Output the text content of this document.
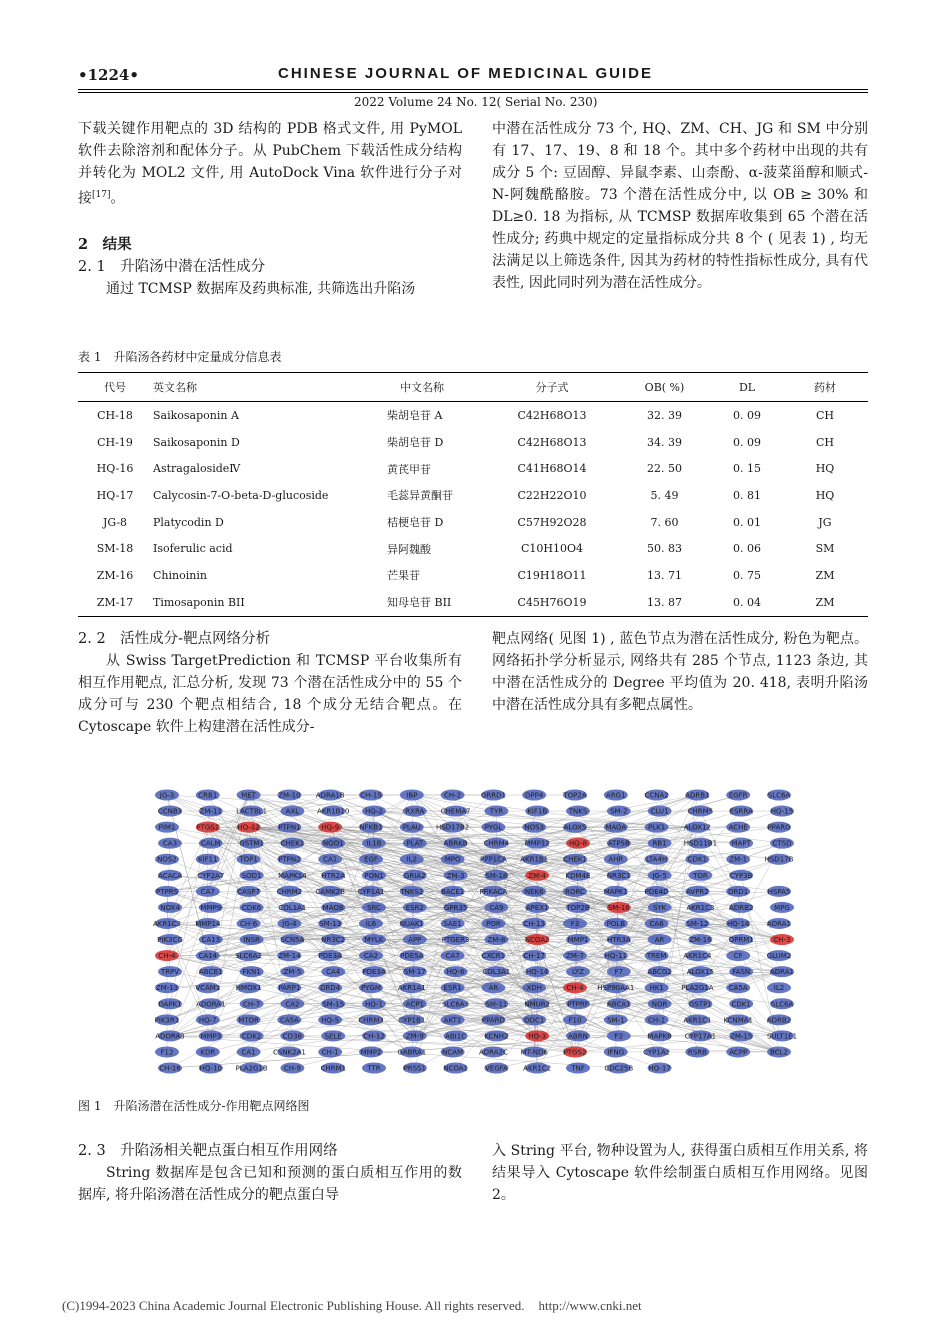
•1224•	CHINESE JOURNAL OF MEDICINAL GUIDE
2022 Volume 24 No. 12( Serial No. 230)

下载关键作用靶点的 3D 结构的 PDB 格式文件, 用 PyMOL 软件去除溶剂和配体分子。从 PubChem 下载活性成分结构并转化为 MOL2 文件, 用 AutoDock Vina 软件进行分子对接[17]。

2　结果

2. 1　升陷汤中潜在活性成分

通过 TCMSP 数据库及药典标准, 共筛选出升陷汤

中潜在活性成分 73 个, HQ、ZM、CH、JG 和 SM 中分别有 17、17、19、8 和 18 个。其中多个药材中出现的共有成分 5 个: 豆固醇、异鼠李素、山柰酚、α-菠菜甾醇和顺式-N-阿魏酰酪胺。73 个潜在活性成分中, 以 OB ≥ 30% 和 DL≥0. 18 为指标, 从 TCMSP 数据库收集到 65 个潜在活性成分; 药典中规定的定量指标成分共 8 个 ( 见表 1) , 均无法满足以上筛选条件, 因其为药材的特性指标性成分, 具有代表性, 因此同时列为潜在活性成分。

表 1　升陷汤各药材中定量成分信息表
代号	英文名称	中文名称	分子式	OB( %)	DL	药材
CH-18	Saikosaponin A	柴胡皂苷 A	C42H68O13	32. 39	0. 09	CH
CH-19	Saikosaponin D	柴胡皂苷 D	C42H68O13	34. 39	0. 09	CH
HQ-16	AstragalosideⅣ	黄芪甲苷	C41H68O14	22. 50	0. 15	HQ
HQ-17	Calycosin-7-O-beta-D-glucoside	毛蕊异黄酮苷	C22H22O10	5. 49	0. 81	HQ
JG-8	Platycodin D	桔梗皂苷 D	C57H92O28	7. 60	0. 01	JG
SM-18	Isoferulic acid	异阿魏酸	C10H10O4	50. 83	0. 06	SM
ZM-16	Chinoinin	芒果苷	C19H18O11	13. 71	0. 75	ZM
ZM-17	Timosaponin BII	知母皂苷 BII	C45H76O19	13. 87	0. 04	ZM

2. 2　活性成分-靶点网络分析

从 Swiss TargetPrediction 和 TCMSP 平台收集所有相互作用靶点, 汇总分析, 发现 73 个潜在活性成分中的 55 个成分可与 230 个靶点相结合, 18 个成分无结合靶点。在 Cytoscape 软件上构建潜在活性成分-

靶点网络( 见图 1) , 蓝色节点为潜在活性成分, 粉色为靶点。网络拓扑学分析显示, 网络共有 285 个节点, 1123 条边, 其中潜在活性成分的 Degree 平均值为 20. 418, 表明升陷汤中潜在活性成分具有多靶点属性。

JG-3	CRB1	MET	ZM-10 ADRA1B CH-15	IBP	CH-2	ORRD1	DPP4	TOP2A	ARG1	CCNA2 ADRB1	EGFR	SLC6A
CCNB3	ZM-11 LACTBL1	AXL	AKR1B10 HQ-2	RXRA CHEMA7	TYR	KIF1B	TNKS	SM-2	CLU1	CHRM5 ESRRA	HQ-15
PIM1	PTGS1	HQ-12	PTPN1	HQ-9	NFKB1	PLAU HSD17B2 PYGL	NOS3	ALOX5	MAOA	PLK1	ALOX12	ACHE	PPARG
CA3	CALM	GSTM1 CHEK1	NQO1	IL1B	PLAT	ABRKB CHRM4 MMP12	HQ-8	ATP5B	RB1 HSD11B1 MAPT	CTSD
NOS2	KIF11	TOP1	PTPN2	CA1	EGF	IL2	MPO	PPP1CA AKR1B1 CHEK1	AHR	LTA4H	CDK1	ZM-1 HSD17B
ACACA CYP2A7 SOD1 MAPK14 HTR2A	PON1	GRIA2	ZM-3	SM-18	ZM-4	KDM4E NR3C1	JG-5	TOR	CYP3B
PTPRS	CA7	CASP7 CHRM2 CAMK2B CYP1A1 TNKS2	BACE1 PRKACA NEK6	RORC	MAPK1 PDE4D	AVPR2	DRD1	HSPA5
NOX4	MMP9	CDK6 COL1A1 MAOB	SRC	ESR2	GPR35	CA9	APEX1	TOP2B	SM-16	SYK	AKR1C3 ADRB2	MPG
AKR1C3 MMP14	CH-6	JG-4	SM-13	IL6	NUAK1	SAE1	POR	CH-13	F3	POLB	CA6	SM-12	HQ-14	ADRA1
PIK3CG	CA13	INSR	SCN5A NR3C2	MYLK	APP	PTGER3	ZM-8	NCOA2	MMP1	HTR3A	AR	ZM-16 OPRM1	CH-3
CH-4	CA14	SLC6A2 ZM-14	PDE3A	CA2	PDE5A	CA7	CXCR1	CH-17	ZM-7	HQ-11	TREM AKR1C4	CF	GLUM2
TRPV	ABCB1	FKN1	ZM-5	CA4	PDE3A	SM-17	HQ-6	COL3A1 HQ-14	LYZ	F7	ABCG2 ALOX15	FASN	ADRA1
ZM-13 VCAM1 HMOX1 PARP1	DRD4	PYGM AKR1A1	ESR1	AR	XDH	CH-4 HSP90AA1 HK1	PLA2G1A CA5A	IL2
DAPK1 ADORA1 CH-7	CA2	SM-15	HQ-1	ACP1	SLC6A3 SM-11 NMUR2 PTPRF	ABCA1	NOR	GSTP1	CDK1	SLC6A
PIK3R1	HQ-7	MTOR	CA5A	HQ-5	CHRM3 CYP1B1	AKT1	PPARD	ODC1	F10	SM-1	CH-1	AKR1C1 KCNMA1 ADRB2
ADORA3 MMP3	CDK2	CD38	SELE	CH-12	ZM-9	ABI1C	KCNH2	HQ-3	ABRN	F2	MAPK8 CYP17A1 ZM-15 SULT1E1
F12	KDR	CA1 CSNK2A1 CH-1	MMP2 GABRA1 NCAM ADRA2C MT-ND6 PTGS2	IFNG	CYP1A2	RSRB	ACPP	BCL2
CH-16	HQ-10 PLA2G1B CH-9	CHRM1	TTR	PRSS1 NCOA1 VEGFA AKR1C2	TNF	CDC25B HQ-17
图 1　升陷汤潜在活性成分-作用靶点网络图

2. 3　升陷汤相关靶点蛋白相互作用网络

String 数据库是包含已知和预测的蛋白质相互作用的数据库, 将升陷汤潜在活性成分的靶点蛋白导

入 String 平台, 物种设置为人, 获得蛋白质相互作用关系, 将结果导入 Cytoscape 软件绘制蛋白质相互作用网络。见图 2。

(C)1994-2023 China Academic Journal Electronic Publishing House. All rights reserved. http://www.cnki.net
